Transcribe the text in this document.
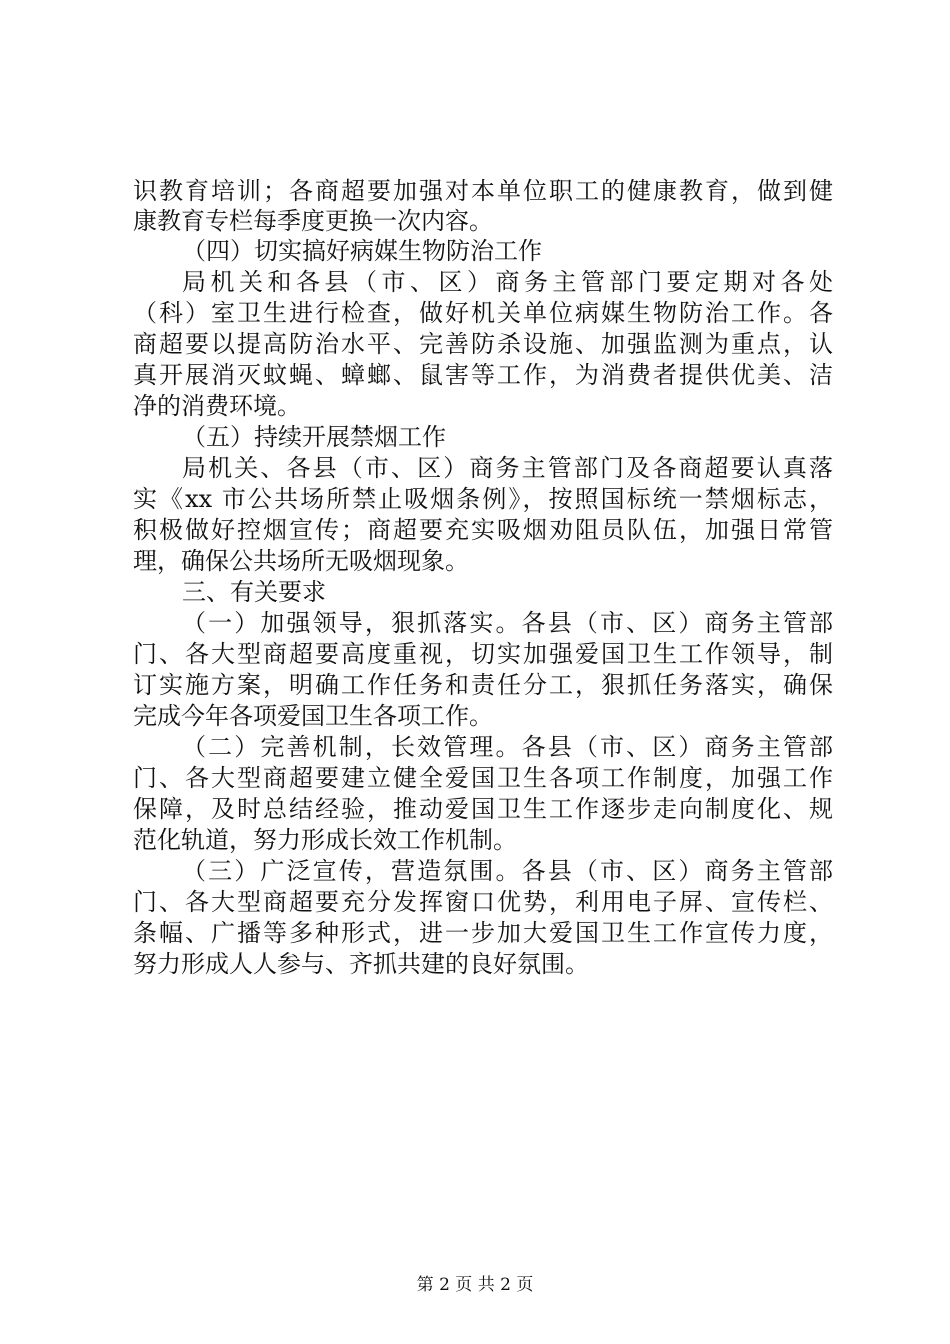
识教育培训；各商超要加强对本单位职工的健康教育，做到健
康教育专栏每季度更换一次内容。
（四）切实搞好病媒生物防治工作
局机关和各县（市、区）商务主管部门要定期对各处
（科）室卫生进行检查，做好机关单位病媒生物防治工作。各
商超要以提高防治水平、完善防杀设施、加强监测为重点，认
真开展消灭蚊蝇、蟑螂、鼠害等工作，为消费者提供优美、洁
净的消费环境。
（五）持续开展禁烟工作
局机关、各县（市、区）商务主管部门及各商超要认真落
实《xx 市公共场所禁止吸烟条例》，按照国标统一禁烟标志，
积极做好控烟宣传；商超要充实吸烟劝阻员队伍，加强日常管
理，确保公共场所无吸烟现象。
三、有关要求
（一）加强领导，狠抓落实。各县（市、区）商务主管部
门、各大型商超要高度重视，切实加强爱国卫生工作领导，制
订实施方案，明确工作任务和责任分工，狠抓任务落实，确保
完成今年各项爱国卫生各项工作。
（二）完善机制，长效管理。各县（市、区）商务主管部
门、各大型商超要建立健全爱国卫生各项工作制度，加强工作
保障，及时总结经验，推动爱国卫生工作逐步走向制度化、规
范化轨道，努力形成长效工作机制。
（三）广泛宣传，营造氛围。各县（市、区）商务主管部
门、各大型商超要充分发挥窗口优势，利用电子屏、宣传栏、
条幅、广播等多种形式，进一步加大爱国卫生工作宣传力度，
努力形成人人参与、齐抓共建的良好氛围。
第 2 页 共 2 页
